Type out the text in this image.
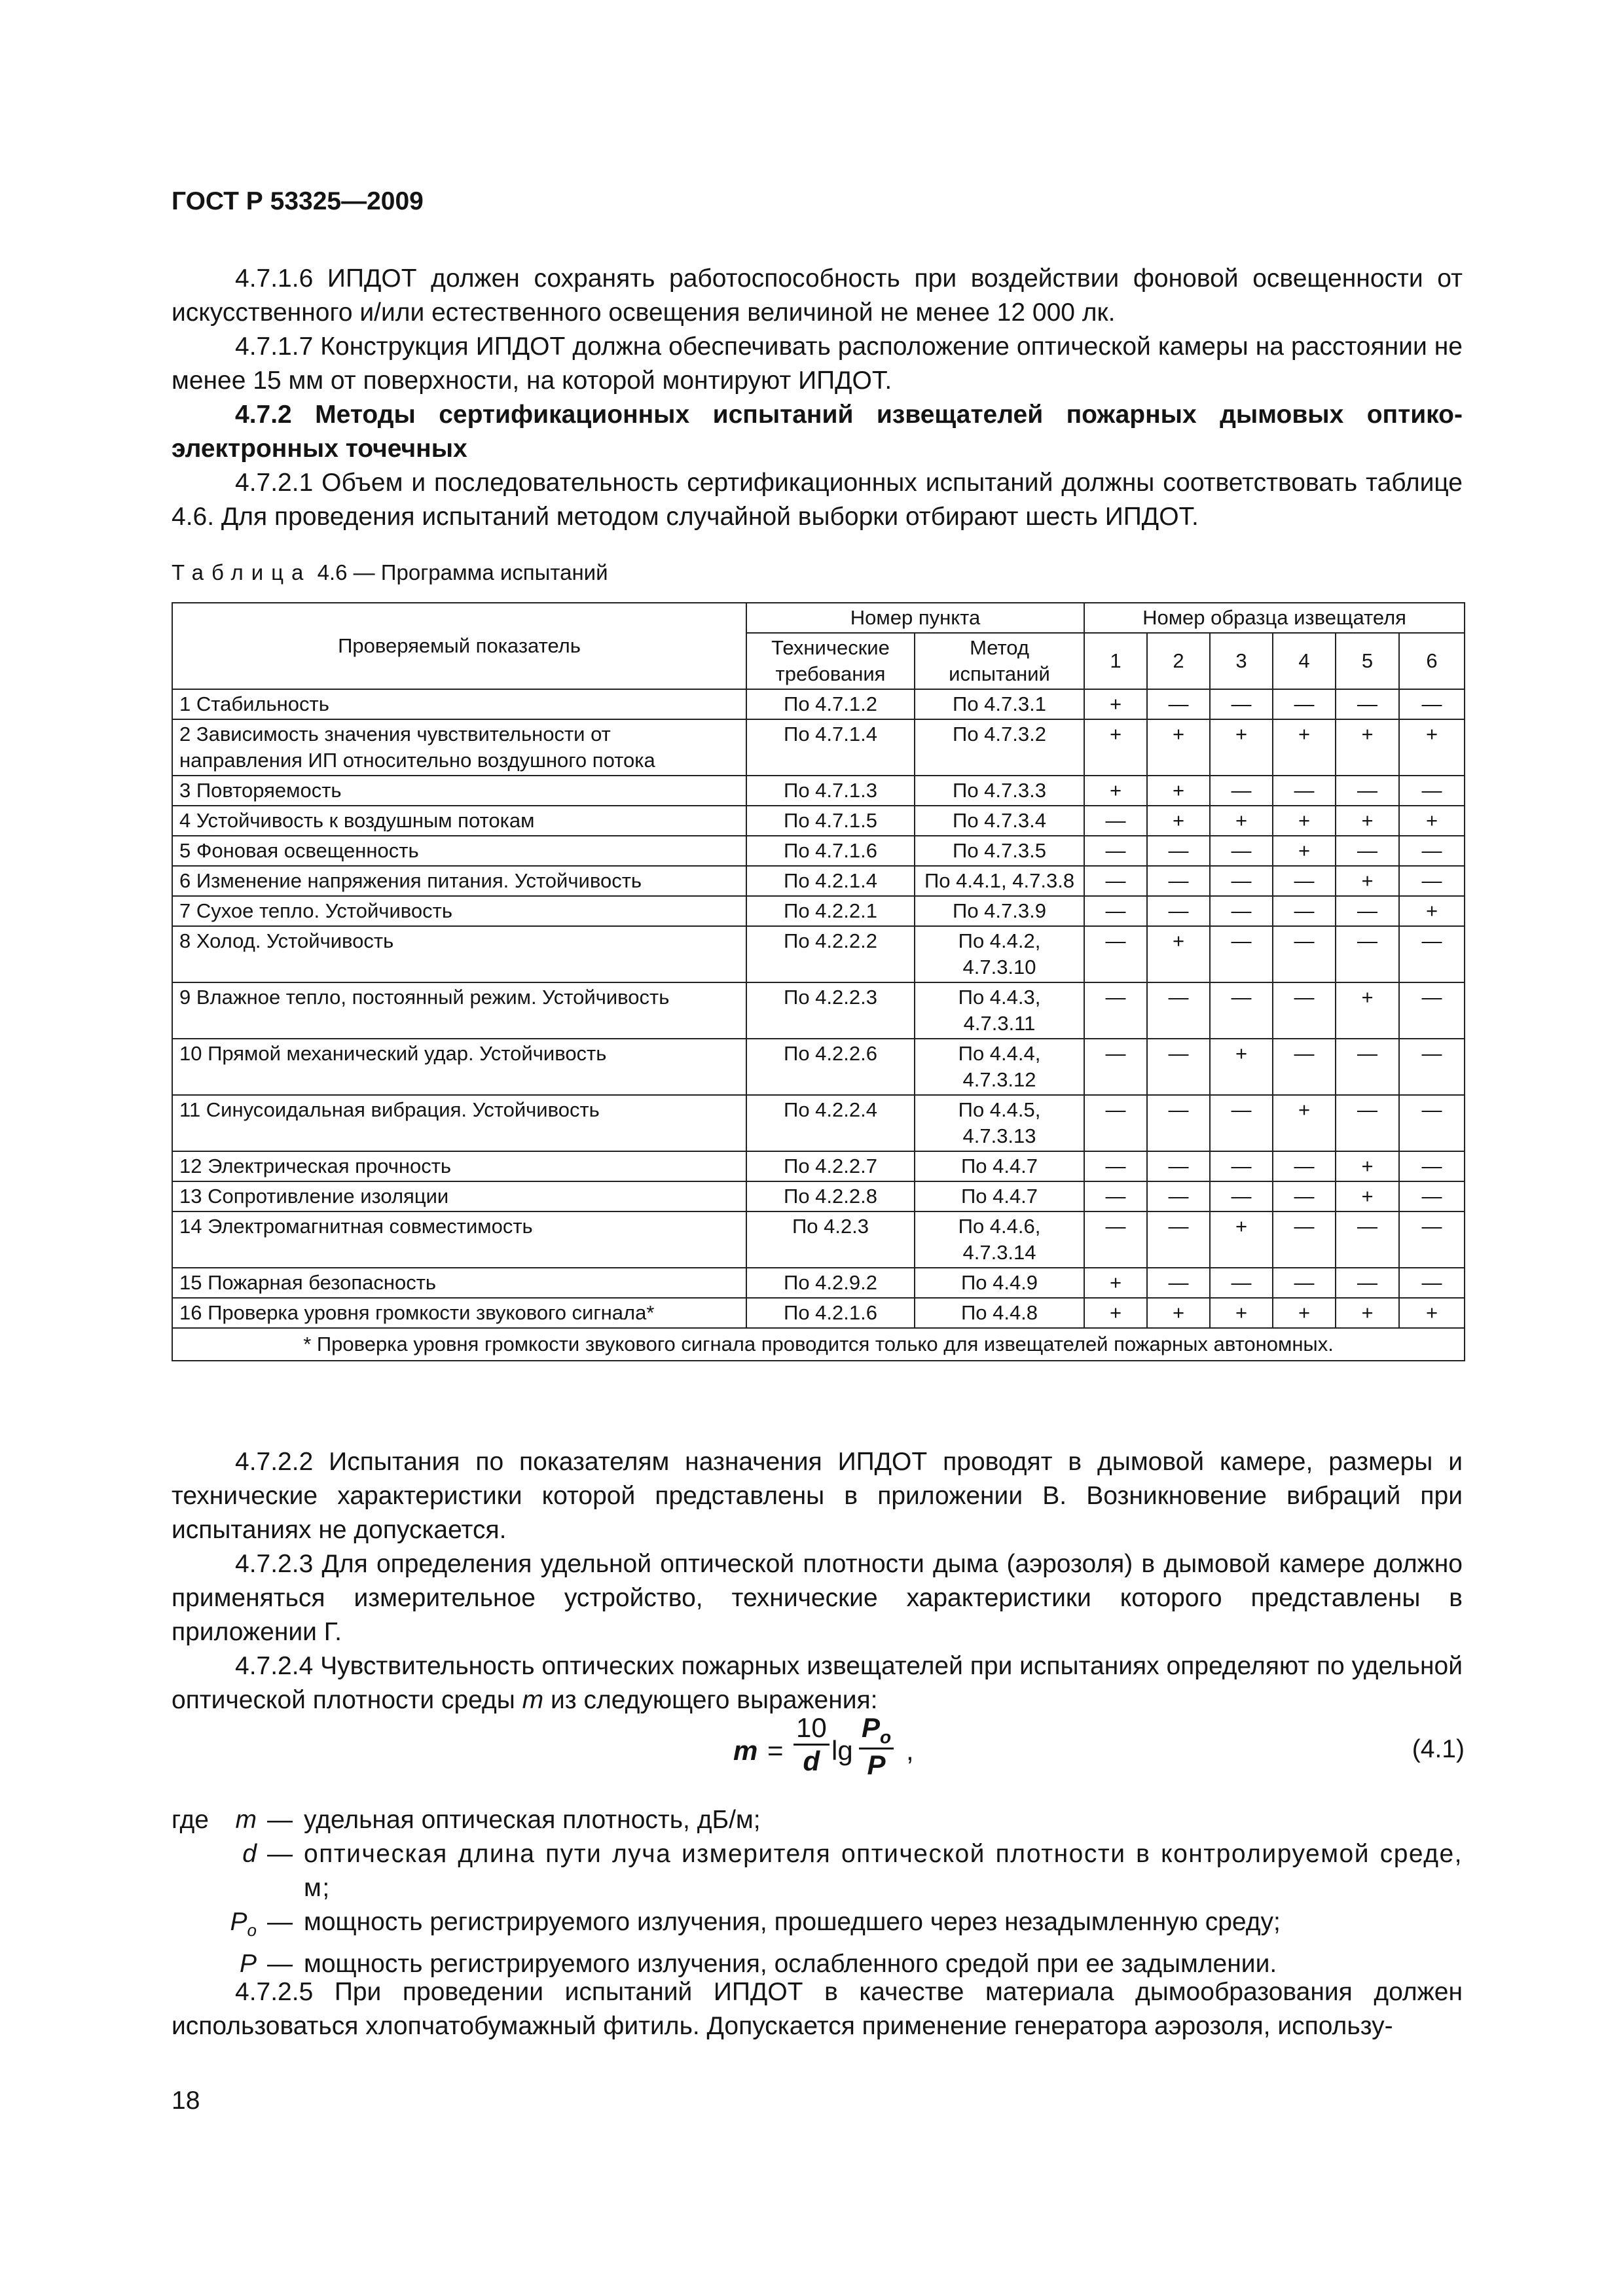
ГОСТ Р 53325—2009

4.7.1.6 ИПДОТ должен сохранять работоспособность при воздействии фоновой освещенности от искусственного и/или естественного освещения величиной не менее 12 000 лк.

4.7.1.7 Конструкция ИПДОТ должна обеспечивать расположение оптической камеры на расстоянии не менее 15 мм от поверхности, на которой монтируют ИПДОТ.

4.7.2 Методы сертификационных испытаний извещателей пожарных дымовых оптико-электронных точечных

4.7.2.1 Объем и последовательность сертификационных испытаний должны соответствовать таблице 4.6. Для проведения испытаний методом случайной выборки отбирают шесть ИПДОТ.

Таблица 4.6 — Программа испытаний
Проверяемый показатель	Номер пункта		Номер образца извещателя					
	Технические требования	Метод испытаний	1	2	3	4	5	6
1 Стабильность	По 4.7.1.2	По 4.7.3.1	+	—	—	—	—	—
2 Зависимость значения чувствительности от направления ИП относительно воздушного потока	По 4.7.1.4	По 4.7.3.2	+	+	+	+	+	+
3 Повторяемость	По 4.7.1.3	По 4.7.3.3	+	+	—	—	—	—
4 Устойчивость к воздушным потокам	По 4.7.1.5	По 4.7.3.4	—	+	+	+	+	+
5 Фоновая освещенность	По 4.7.1.6	По 4.7.3.5	—	—	—	+	—	—
6 Изменение напряжения питания. Устойчивость	По 4.2.1.4	По 4.4.1, 4.7.3.8	—	—	—	—	+	—
7 Сухое тепло. Устойчивость	По 4.2.2.1	По 4.7.3.9	—	—	—	—	—	+
8 Холод. Устойчивость	По 4.2.2.2	По 4.4.2, 4.7.3.10	—	+	—	—	—	—
9 Влажное тепло, постоянный режим. Устойчивость	По 4.2.2.3	По 4.4.3, 4.7.3.11	—	—	—	—	+	—
10 Прямой механический удар. Устойчивость	По 4.2.2.6	По 4.4.4, 4.7.3.12	—	—	+	—	—	—
11 Синусоидальная вибрация. Устойчивость	По 4.2.2.4	По 4.4.5, 4.7.3.13	—	—	—	+	—	—
12 Электрическая прочность	По 4.2.2.7	По 4.4.7	—	—	—	—	+	—
13 Сопротивление изоляции	По 4.2.2.8	По 4.4.7	—	—	—	—	+	—
14 Электромагнитная совместимость	По 4.2.3	По 4.4.6, 4.7.3.14	—	—	+	—	—	—
15 Пожарная безопасность	По 4.2.9.2	По 4.4.9	+	—	—	—	—	—
16 Проверка уровня громкости звукового сигнала*	По 4.2.1.6	По 4.4.8	+	+	+	+	+	+
* Проверка уровня громкости звукового сигнала проводится только для извещателей пожарных автономных.								

4.7.2.2 Испытания по показателям назначения ИПДОТ проводят в дымовой камере, размеры и технические характеристики которой представлены в приложении В. Возникновение вибраций при испытаниях не допускается.

4.7.2.3 Для определения удельной оптической плотности дыма (аэрозоля) в дымовой камере должно применяться измерительное устройство, технические характеристики которого представлены в приложении Г.

4.7.2.4 Чувствительность оптических пожарных извещателей при испытаниях определяют по удельной оптической плотности среды m из следующего выражения:

$m = \frac{10}{d}$ $\lg \frac{P_o}{P}$ ,	(4.1)
где	m — удельная оптическая плотность, дБ/м;
d — оптическая длина пути луча измерителя оптической плотности в контролируемой среде, м;
$P_o$ — мощность регистрируемого излучения, прошедшего через незадымленную среду;
P — мощность регистрируемого излучения, ослабленного средой при ее задымлении.

4.7.2.5 При проведении испытаний ИПДОТ в качестве материала дымообразования должен использоваться хлопчатобумажный фитиль. Допускается применение генератора аэрозоля, использу-

18
